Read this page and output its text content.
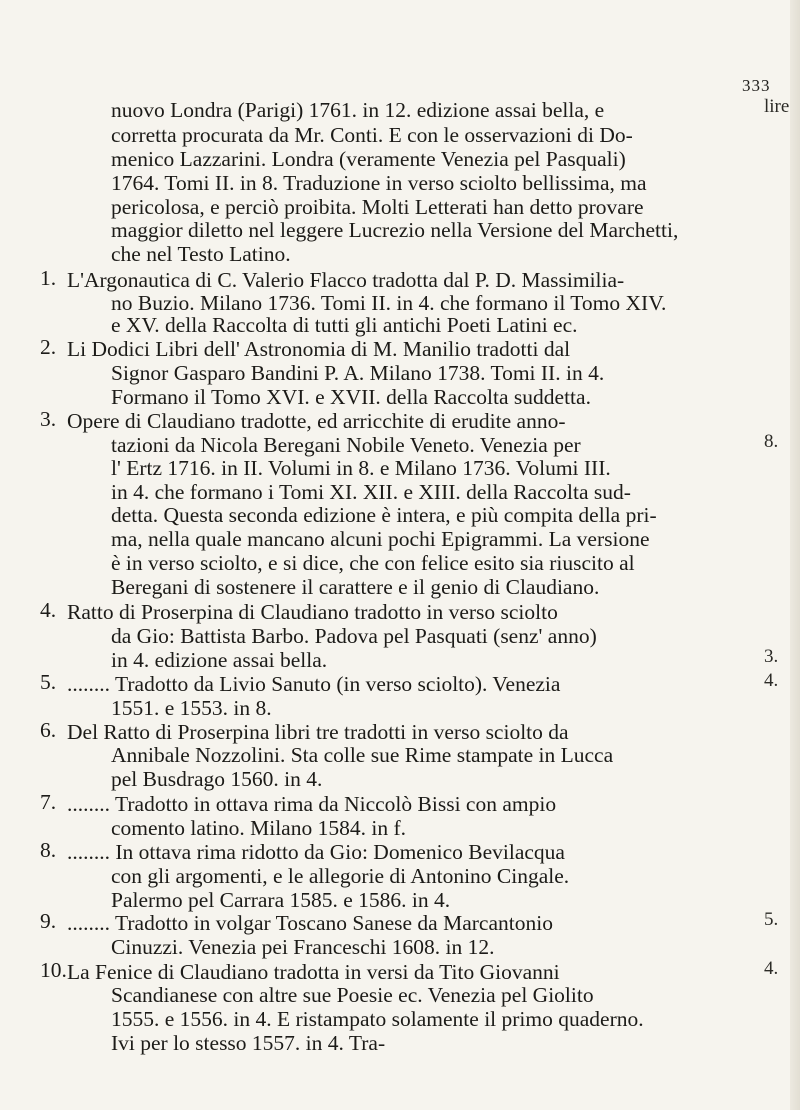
333
nuovo Londra (Parigi) 1761. in 12. edizione assai bella, e
corretta procurata da Mr. Conti. E con le osservazioni di Do-
menico Lazzarini. Londra (veramente Venezia pel Pasquali)
1764. Tomi II. in 8. Traduzione in verso sciolto bellissima, ma
pericolosa, e perciò proibita. Molti Letterati han detto provare
maggior diletto nel leggere Lucrezio nella Versione del Marchetti,
che nel Testo Latino.
L'Argonautica di C. Valerio Flacco tradotta dal P. D. Massimilia-
no Buzio. Milano 1736. Tomi II. in 4. che formano il Tomo XIV.
e XV. della Raccolta di tutti gli antichi Poeti Latini ec.
Li Dodici Libri dell' Astronomia di M. Manilio tradotti dal
Signor Gasparo Bandini P. A. Milano 1738. Tomi II. in 4.
Formano il Tomo XVI. e XVII. della Raccolta suddetta.
Opere di Claudiano tradotte, ed arricchite di erudite anno-
tazioni da Nicola Beregani Nobile Veneto. Venezia per
l' Ertz 1716. in II. Volumi in 8. e Milano 1736. Volumi III.
in 4. che formano i Tomi XI. XII. e XIII. della Raccolta sud-
detta. Questa seconda edizione è intera, e più compita della pri-
ma, nella quale mancano alcuni pochi Epigrammi. La versione
è in verso sciolto, e si dice, che con felice esito sia riuscito al
Beregani di sostenere il carattere e il genio di Claudiano.
Ratto di Proserpina di Claudiano tradotto in verso sciolto
da Gio: Battista Barbo. Padova pel Pasquati (senz' anno)
in 4. edizione assai bella.
........ Tradotto da Livio Sanuto (in verso sciolto). Venezia
1551. e 1553. in 8.
Del Ratto di Proserpina libri tre tradotti in verso sciolto da
Annibale Nozzolini. Sta colle sue Rime stampate in Lucca
pel Busdrago 1560. in 4.
........ Tradotto in ottava rima da Niccolò Bissi con ampio
comento latino. Milano 1584. in f.
........ In ottava rima ridotto da Gio: Domenico Bevilacqua
con gli argomenti, e le allegorie di Antonino Cingale.
Palermo pel Carrara 1585. e 1586. in 4.
........ Tradotto in volgar Toscano Sanese da Marcantonio
Cinuzzi. Venezia pei Franceschi 1608. in 12.
La Fenice di Claudiano tradotta in versi da Tito Giovanni
Scandianese con altre sue Poesie ec. Venezia pel Giolito
1555. e 1556. in 4. E ristampato solamente il primo quaderno.
Ivi per lo stesso 1557. in 4. Tra-
1.
2.
3.
4.
5.
6.
7.
8.
9.
10.
lire
8.
3.
4.
5.
4.
